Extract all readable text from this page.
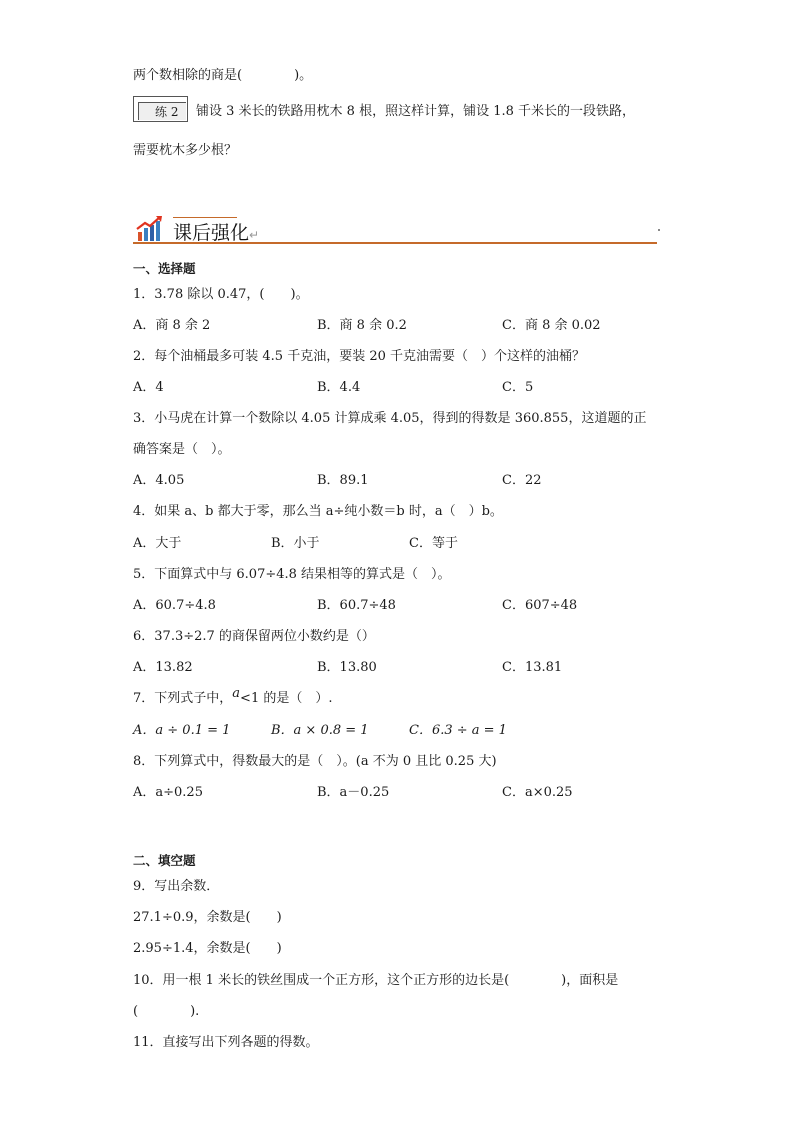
两个数相除的商是(　　　　)。
练 2 铺设 3 米长的铁路用枕木 8 根，照这样计算，铺设 1.8 千米长的一段铁路，
需要枕木多少根？
课后强化↵
一、选择题
1．3.78 除以 0.47，(　　)。
A．商 8 余 2	B．商 8 余 0.2	C．商 8 余 0.02
2．每个油桶最多可装 4.5 千克油，要装 20 千克油需要（　）个这样的油桶？
A．4	B．4.4	C．5
3．小马虎在计算一个数除以 4.05 计算成乘 4.05，得到的得数是 360.855，这道题的正
确答案是（　）。
A．4.05	B．89.1	C．22
4．如果 a、b 都大于零，那么当 a÷纯小数＝b 时，a（　）b。
A．大于	B．小于	C．等于
5．下面算式中与 6.07÷4.8 结果相等的算式是（　）。
A．60.7÷4.8	B．60.7÷48	C．607÷48
6．37.3÷2.7 的商保留两位小数约是（）
A．13.82	B．13.80	C．13.81
7．下列式子中，a<1 的是（　）.
A．a ÷ 0.1 = 1	B．a × 0.8 = 1	C．6.3 ÷ a = 1
8．下列算式中，得数最大的是（　）。(a 不为 0 且比 0.25 大)
A．a÷0.25	B．a－0.25	C．a×0.25
二、填空题
9．写出余数．
27.1÷0.9，余数是(　　)
2.95÷1.4，余数是(　　)
10．用一根 1 米长的铁丝围成一个正方形，这个正方形的边长是(　　　　)，面积是
(　　　　).
11．直接写出下列各题的得数。
